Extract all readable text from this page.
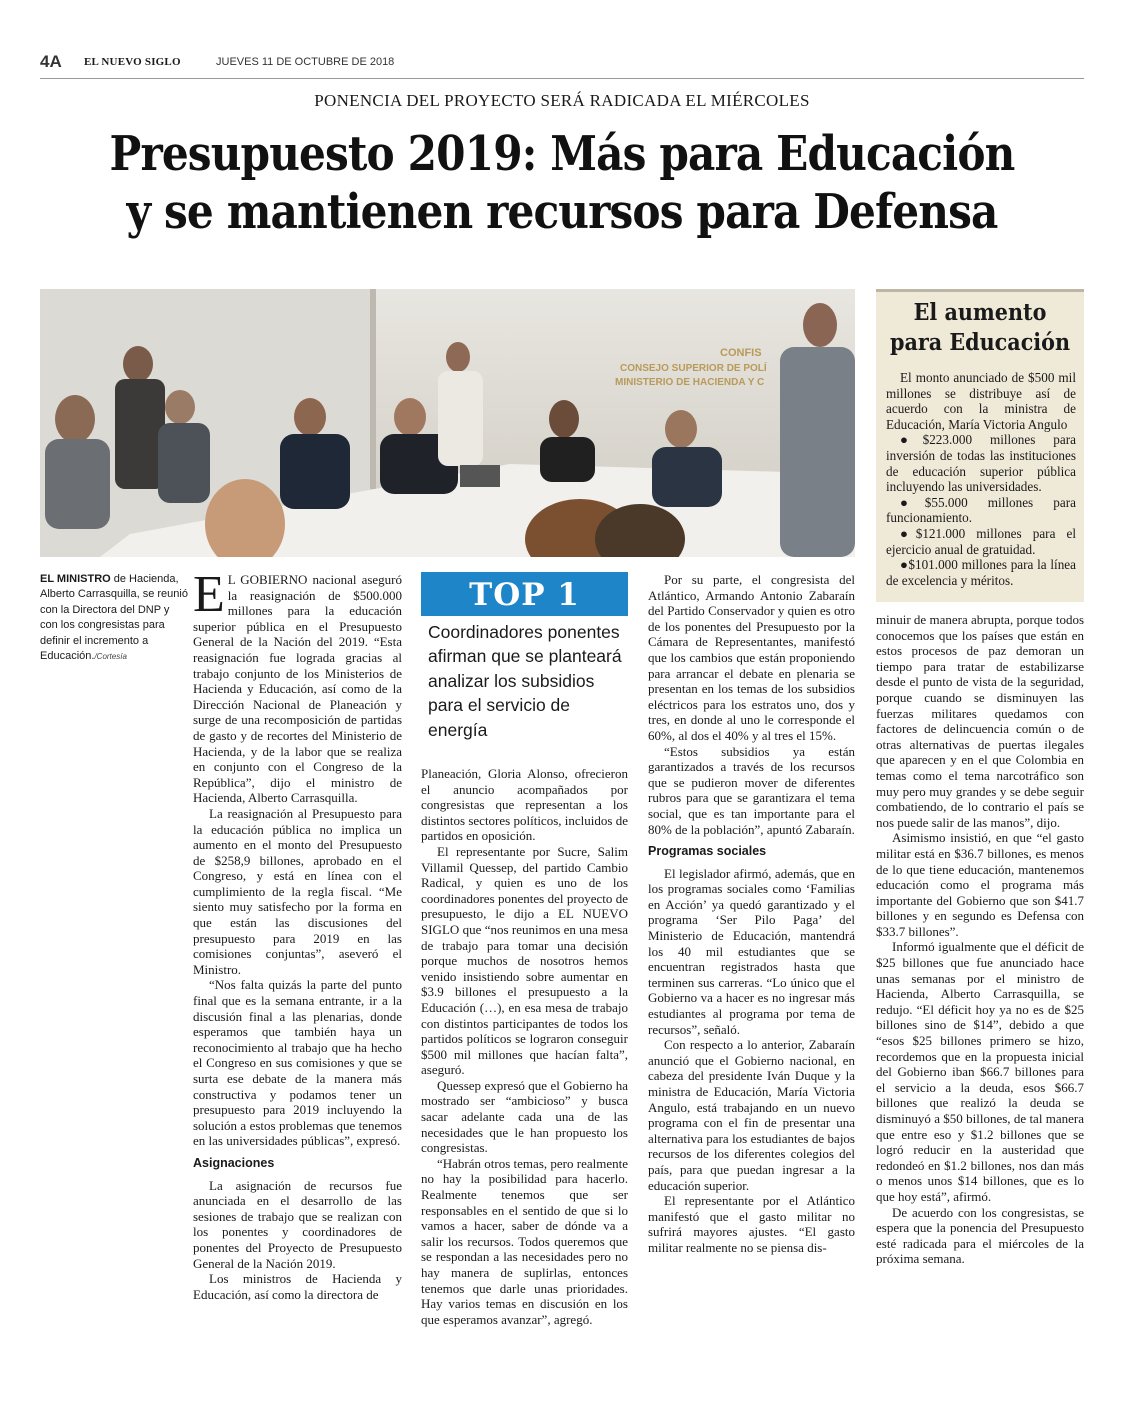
4A EL NUEVO SIGLO	JUEVES 11 DE OCTUBRE DE 2018
PONENCIA DEL PROYECTO SERÁ RADICADA EL MIÉRCOLES
Presupuesto 2019: Más para Educación
y se mantienen recursos para Defensa
CONFIS
CONSEJO SUPERIOR DE POLÍ
MINISTERIO DE HACIENDA Y C
EL MINISTRO de Hacienda, Alberto Carrasquilla, se reunió con la Directora del DNP y con los congresistas para definir el incremento a Educación./Cortesía

E L GOBIERNO nacional aseguró la reasignación de $500.000 millones para la educación superior pública en el Presupuesto General de la Nación del 2019. “Esta reasignación fue lograda gracias al trabajo conjunto de los Ministerios de Hacienda y Educación, así como de la Dirección Nacional de Planeación y surge de una recomposición de partidas de gasto y de recortes del Ministerio de Hacienda, y de la labor que se realiza en conjunto con el Congreso de la República”, dijo el ministro de Hacienda, Alberto Carrasquilla.

La reasignación al Presupuesto para la educación pública no implica un aumento en el monto del Presupuesto de $258,9 billones, aprobado en el Congreso, y está en línea con el cumplimiento de la regla fiscal. “Me siento muy satisfecho por la forma en que están las discusiones del presupuesto para 2019 en las comisiones conjuntas”, aseveró el Ministro.

“Nos falta quizás la parte del punto final que es la semana entrante, ir a la discusión final a las plenarias, donde esperamos que también haya un reconocimiento al trabajo que ha hecho el Congreso en sus comisiones y que se surta ese debate de la manera más constructiva y podamos tener un presupuesto para 2019 incluyendo la solución a estos problemas que tenemos en las universidades públicas”, expresó.

Asignaciones

La asignación de recursos fue anunciada en el desarrollo de las sesiones de trabajo que se realizan con los ponentes y coordinadores de ponentes del Proyecto de Presupuesto General de la Nación 2019.

Los ministros de Hacienda y Educación, así como la directora de

TOP 1
Coordinadores ponentes afirman que se planteará analizar los subsidios para el servicio de energía

Planeación, Gloria Alonso, ofrecieron el anuncio acompañados por congresistas que representan a los distintos sectores políticos, incluidos de partidos en oposición.

El representante por Sucre, Salim Villamil Quessep, del partido Cambio Radical, y quien es uno de los coordinadores ponentes del proyecto de presupuesto, le dijo a EL NUEVO SIGLO que “nos reunimos en una mesa de trabajo para tomar una decisión porque muchos de nosotros hemos venido insistiendo sobre aumentar en $3.9 billones el presupuesto a la Educación (…), en esa mesa de trabajo con distintos participantes de todos los partidos políticos se lograron conseguir $500 mil millones que hacían falta”, aseguró.

Quessep expresó que el Gobierno ha mostrado ser “ambicioso” y busca sacar adelante cada una de las necesidades que le han propuesto los congresistas.

“Habrán otros temas, pero realmente no hay la posibilidad para hacerlo. Realmente tenemos que ser responsables en el sentido de que si lo vamos a hacer, saber de dónde va a salir los recursos. Todos queremos que se respondan a las necesidades pero no hay manera de suplirlas, entonces tenemos que darle unas prioridades. Hay varios temas en discusión en los que esperamos avanzar”, agregó.

Por su parte, el congresista del Atlántico, Armando Antonio Zabaraín del Partido Conservador y quien es otro de los ponentes del Presupuesto por la Cámara de Representantes, manifestó que los cambios que están proponiendo para arrancar el debate en plenaria se presentan en los temas de los subsidios eléctricos para los estratos uno, dos y tres, en donde al uno le corresponde el 60%, al dos el 40% y al tres el 15%.

“Estos subsidios ya están garantizados a través de los recursos que se pudieron mover de diferentes rubros para que se garantizara el tema social, que es tan importante para el 80% de la población”, apuntó Zabaraín.

Programas sociales

El legislador afirmó, además, que en los programas sociales como ‘Familias en Acción’ ya quedó garantizado y el programa ‘Ser Pilo Paga’ del Ministerio de Educación, mantendrá los 40 mil estudiantes que se encuentran registrados hasta que terminen sus carreras. “Lo único que el Gobierno va a hacer es no ingresar más estudiantes al programa por tema de recursos”, señaló.

Con respecto a lo anterior, Zabaraín anunció que el Gobierno nacional, en cabeza del presidente Iván Duque y la ministra de Educación, María Victoria Angulo, está trabajando en un nuevo programa con el fin de presentar una alternativa para los estudiantes de bajos recursos de los diferentes colegios del país, para que puedan ingresar a la educación superior.

El representante por el Atlántico manifestó que el gasto militar no sufrirá mayores ajustes. “El gasto militar realmente no se piensa dis-

El aumento
para Educación

El monto anunciado de $500 mil millones se distribuye así de acuerdo con la ministra de Educación, María Victoria Angulo

●$223.000 millones para inversión de todas las instituciones de educación superior pública incluyendo las universidades.

●$55.000 millones para funcionamiento.

●$121.000 millones para el ejercicio anual de gratuidad.

●$101.000 millones para la línea de excelencia y méritos.

minuir de manera abrupta, porque todos conocemos que los países que están en estos procesos de paz demoran un tiempo para tratar de estabilizarse desde el punto de vista de la seguridad, porque cuando se disminuyen las fuerzas militares quedamos con factores de delincuencia común o de otras alternativas de puertas ilegales que aparecen y en el que Colombia en temas como el tema narcotráfico son muy pero muy grandes y se debe seguir combatiendo, de lo contrario el país se nos puede salir de las manos”, dijo.

Asimismo insistió, en que “el gasto militar está en $36.7 billones, es menos de lo que tiene educación, mantenemos educación como el programa más importante del Gobierno que son $41.7 billones y en segundo es Defensa con $33.7 billones”.

Informó igualmente que el déficit de $25 billones que fue anunciado hace unas semanas por el ministro de Hacienda, Alberto Carrasquilla, se redujo. “El déficit hoy ya no es de $25 billones sino de $14”, debido a que “esos $25 billones primero se hizo, recordemos que en la propuesta inicial del Gobierno iban $66.7 billones para el servicio a la deuda, esos $66.7 billones que realizó la deuda se disminuyó a $50 billones, de tal manera que entre eso y $1.2 billones que se logró reducir en la austeridad que redondeó en $1.2 billones, nos dan más o menos unos $14 billones, que es lo que hoy está”, afirmó.

De acuerdo con los congresistas, se espera que la ponencia del Presupuesto esté radicada para el miércoles de la próxima semana.
